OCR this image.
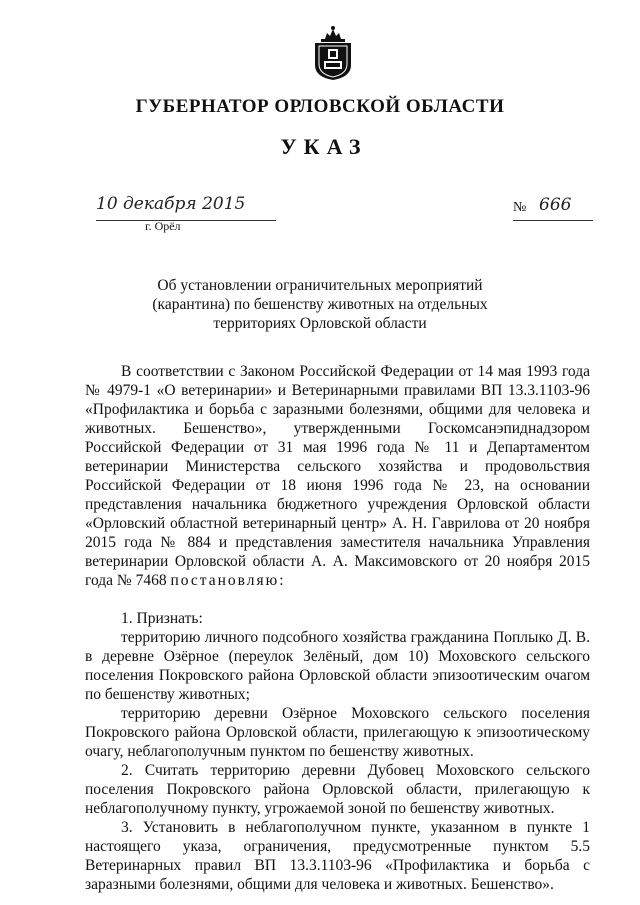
ГУБЕРНАТОР ОРЛОВСКОЙ ОБЛАСТИ
УКАЗ
10 декабря 2015
г. Орёл
№ 666
Об установлении ограничительных мероприятий
(карантина) по бешенству животных на отдельных
территориях Орловской области

В соответствии с Законом Российской Федерации от 14 мая 1993 года № 4979-1 «О ветеринарии» и Ветеринарными правилами ВП 13.3.1103-96 «Профилактика и борьба с заразными болезнями, общими для человека и животных. Бешенство», утвержденными Госкомсанэпиднадзором Российской Федерации от 31 мая 1996 года № 11 и Департаментом ветеринарии Министерства сельского хозяйства и продовольствия Российской Федерации от 18 июня 1996 года № 23, на основании представления начальника бюджетного учреждения Орловской области «Орловский областной ветеринарный центр» А. Н. Гаврилова от 20 ноября 2015 года № 884 и представления заместителя начальника Управления ветеринарии Орловской области А. А. Максимовского от 20 ноября 2015 года № 7468 постановляю:

1. Признать:

территорию личного подсобного хозяйства гражданина Поплыко Д. В. в деревне Озёрное (переулок Зелёный, дом 10) Моховского сельского поселения Покровского района Орловской области эпизоотическим очагом по бешенству животных;

территорию деревни Озёрное Моховского сельского поселения Покровского района Орловской области, прилегающую к эпизоотическому очагу, неблагополучным пунктом по бешенству животных.

2. Считать территорию деревни Дубовец Моховского сельского поселения Покровского района Орловской области, прилегающую к неблагополучному пункту, угрожаемой зоной по бешенству животных.

3. Установить в неблагополучном пункте, указанном в пункте 1 настоящего указа, ограничения, предусмотренные пунктом 5.5 Ветеринарных правил ВП 13.3.1103-96 «Профилактика и борьба с заразными болезнями, общими для человека и животных. Бешенство».
